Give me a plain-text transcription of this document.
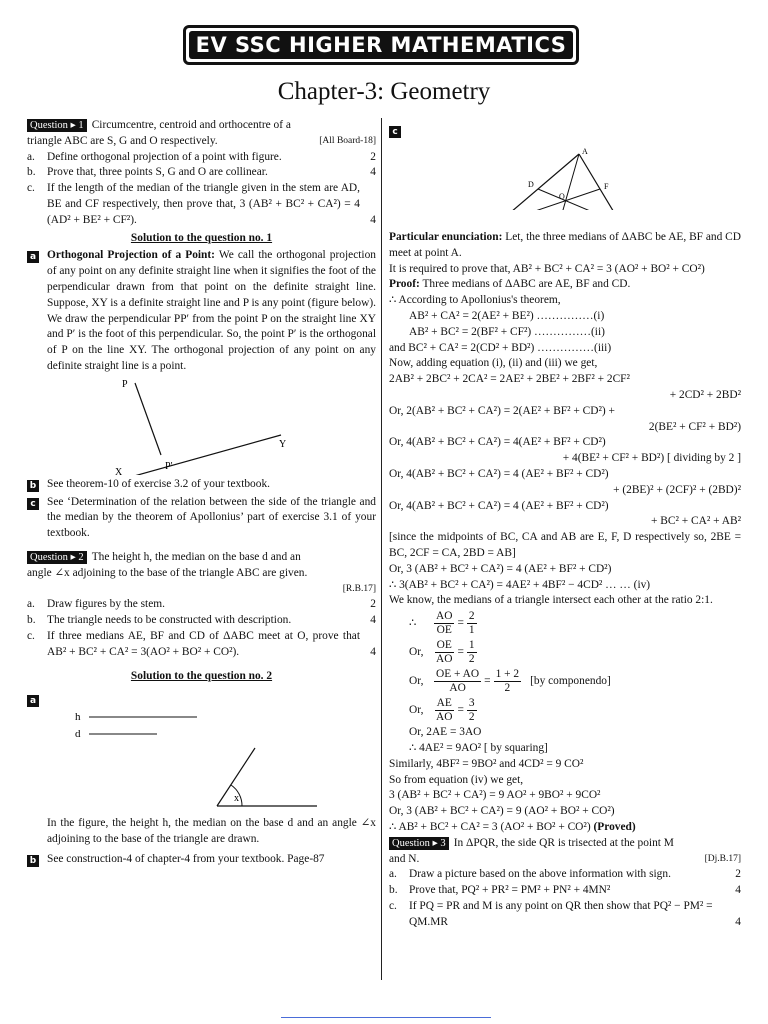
EV SSC HIGHER MATHEMATICS
Chapter-3: Geometry
Question ▸ 1 Circumcentre, centroid and orthocentre of a
triangle ABC are S, G and O respectively.	[All Board-18]
a.	Define orthogonal projection of a point with figure.	2
b.	Prove that, three points S, G and O are collinear.	4
c.	If the length of the median of the triangle given in the stem are AD, BE and CF respectively, then prove that, 3 (AB² + BC² + CA²) = 4 (AD² + BE² + CF²).	4
Solution to the question no. 1
a Orthogonal Projection of a Point: We call the orthogonal projection of any point on any definite straight line when it signifies the foot of the perpendicular drawn from that point on the definite straight line. Suppose, XY is a definite straight line and P is any point (figure below). We draw the perpendicular PP′ from the point P on the straight line XY and P′ is the foot of this perpendicular. So, the point P′ is the orthogonal of P on the line XY. The orthogonal projection of any point on any definite straight line is a point.
P
X
Y
P′
b See theorem-10 of exercise 3.2 of your textbook.
c See ‘Determination of the relation between the side of the triangle and the median by the theorem of Apollonius’ part of exercise 3.1 of your textbook.
Question ▸ 2 The height h, the median on the base d and an
angle ∠x adjoining to the base of the triangle ABC are given.
[R.B.17]
a.	Draw figures by the stem.	2
b.	The triangle needs to be constructed with description.	4
c.	If three medians AE, BF and CD of ΔABC meet at O, prove that AB² + BC² + CA² = 3(AO² + BO² + CO²).	4
Solution to the question no. 2
a
h
d
x
In the figure, the height h, the median on the base d and an angle ∠x adjoining to the base of the triangle are drawn.
b See construction-4 of chapter-4 from your textbook. Page-87
c
A
D	F
O
Particular enunciation: Let, the three medians of ΔABC be AE, BF and CD meet at point A.
It is required to prove that, AB² + BC² + CA² = 3 (AO² + BO² + CO²)
Proof: Three medians of ΔABC are AE, BF and CD.
∴ According to Apollonius's theorem,
AB² + CA² = 2(AE² + BE²) ……………(i)
AB² + BC² = 2(BF² + CF²) ……………(ii)
and BC² + CA² = 2(CD² + BD²) ……………(iii)
Now, adding equation (i), (ii) and (iii) we get,
2AB² + 2BC² + 2CA² = 2AE² + 2BE² + 2BF² + 2CF²
+ 2CD² + 2BD²
Or, 2(AB² + BC² + CA²) = 2(AE² + BF² + CD²) +
2(BE² + CF² + BD²)
Or, 4(AB² + BC² + CA²) = 4(AE² + BF² + CD²)
+ 4(BE² + CF² + BD²) [ dividing by 2 ]
Or, 4(AB² + BC² + CA²) = 4 (AE² + BF² + CD²)
+ (2BE)² + (2CF)² + (2BD)²
Or, 4(AB² + BC² + CA²) = 4 (AE² + BF² + CD²)
+ BC² + CA² + AB²
[since the midpoints of BC, CA and AB are E, F, D respectively so, 2BE = BC, 2CF = CA, 2BD = AB]
Or, 3 (AB² + BC² + CA²) = 4 (AE² + BF² + CD²)
∴ 3(AB² + BC² + CA²) = 4AE² + 4BF² − 4CD² … … (iv)
We know, the medians of a triangle intersect each other at the ratio 2:1.
∴	$\frac{AO}{OE} = \frac{2}{1}$
Or, $\frac{OE}{AO} = \frac{1}{2}$
Or, $\frac{OE + AO}{AO} = \frac{1 + 2}{2} [by$ componendo]
Or, $\frac{AE}{AO} = \frac{3}{2}$
Or, 2AE = 3AO
∴ 4AE² = 9AO² [ by squaring]
Similarly, 4BF² = 9BO² and 4CD² = 9 CO²
So from equation (iv) we get,
3 (AB² + BC² + CA²) = 9 AO² + 9BO² + 9CO²
Or, 3 (AB² + BC² + CA²) = 9 (AO² + BO² + CO²)
∴ AB² + BC² + CA² = 3 (AO² + BO² + CO²) (Proved)
Question ▸ 3 In ΔPQR, the side QR is trisected at the point M
and N.	[Dj.B.17]
a.	Draw a picture based on the above information with sign.	2
b.	Prove that, PQ² + PR² = PM² + PN² + 4MN²	4
c.	If PQ = PR and M is any point on QR then show that PQ² − PM² = QM.MR	4
